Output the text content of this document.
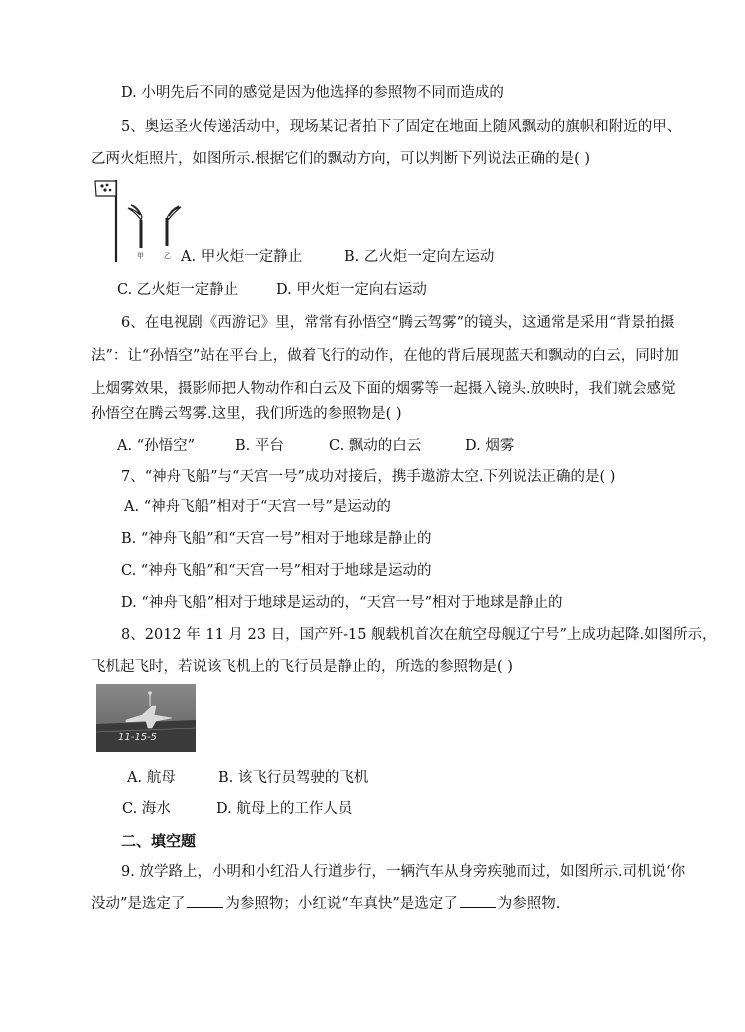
D. 小明先后不同的感觉是因为他选择的参照物不同而造成的
5、奥运圣火传递活动中，现场某记者拍下了固定在地面上随风飘动的旗帜和附近的甲、
乙两火炬照片，如图所示.根据它们的飘动方向，可以判断下列说法正确的是( )
甲	乙 A. 甲火炬一定静止	B. 乙火炬一定向左运动
C. 乙火炬一定静止	D. 甲火炬一定向右运动
6、在电视剧《西游记》里，常常有孙悟空“腾云驾雾”的镜头，这通常是采用“背景拍摄
法”：让“孙悟空”站在平台上，做着飞行的动作，在他的背后展现蓝天和飘动的白云，同时加
上烟雾效果，摄影师把人物动作和白云及下面的烟雾等一起摄入镜头.放映时，我们就会感觉
孙悟空在腾云驾雾.这里，我们所选的参照物是( )
A. “孙悟空”	B. 平台	C. 飘动的白云	D. 烟雾
7、“神舟飞船”与“天宫一号”成功对接后，携手遨游太空.下列说法正确的是( )
A. “神舟飞船”相对于“天宫一号”是运动的
B. “神舟飞船”和“天宫一号”相对于地球是静止的
C. “神舟飞船”和“天宫一号”相对于地球是运动的
D. “神舟飞船”相对于地球是运动的，“天宫一号”相对于地球是静止的
8、2012 年 11 月 23 日，国产歼-15 舰载机首次在航空母舰辽宁号”上成功起降.如图所示，
飞机起飞时，若说该飞机上的飞行员是静止的，所选的参照物是( )
11-15-5
A. 航母	B. 该飞行员驾驶的飞机
C. 海水	D. 航母上的工作人员
二、填空题
9. 放学路上，小明和小红沿人行道步行，一辆汽车从身旁疾驰而过，如图所示.司机说‘你
没动”是选定了	为参照物；小红说“车真快”是选定了	为参照物.
